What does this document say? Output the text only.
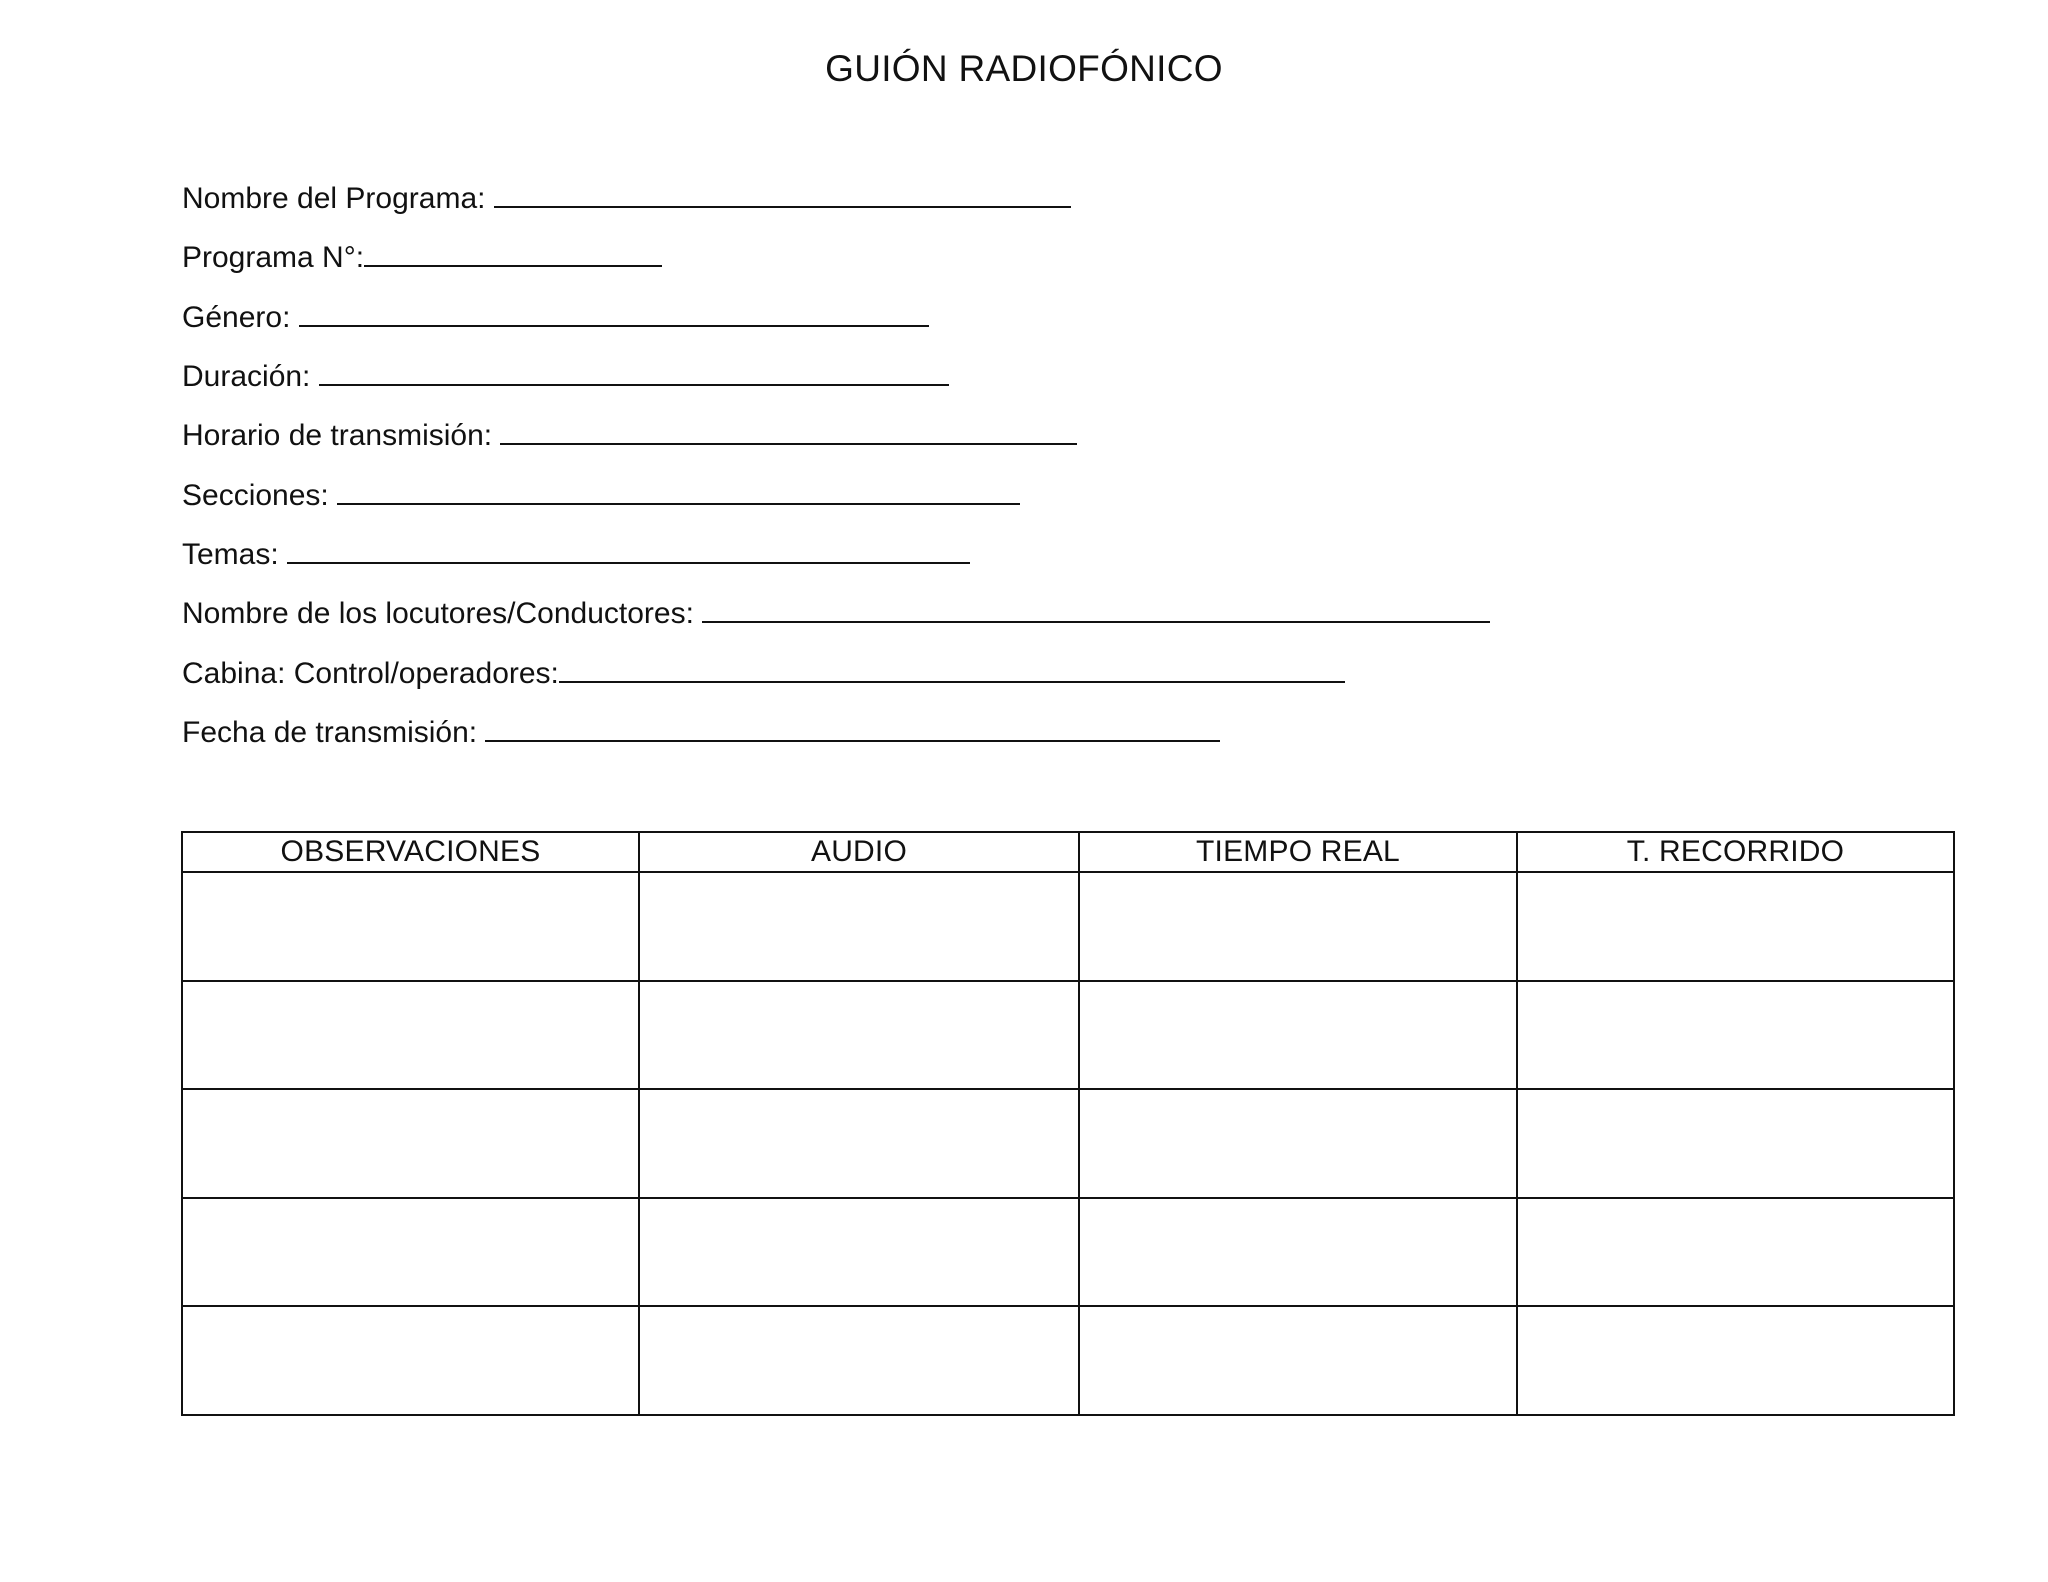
GUIÓN RADIOFÓNICO
Nombre del Programa:
Programa N°:
Género:
Duración:
Horario de transmisión:
Secciones:
Temas:
Nombre de los locutores/Conductores:
Cabina: Control/operadores:
Fecha de transmisión:
OBSERVACIONES	AUDIO	TIEMPO REAL	T. RECORRIDO
